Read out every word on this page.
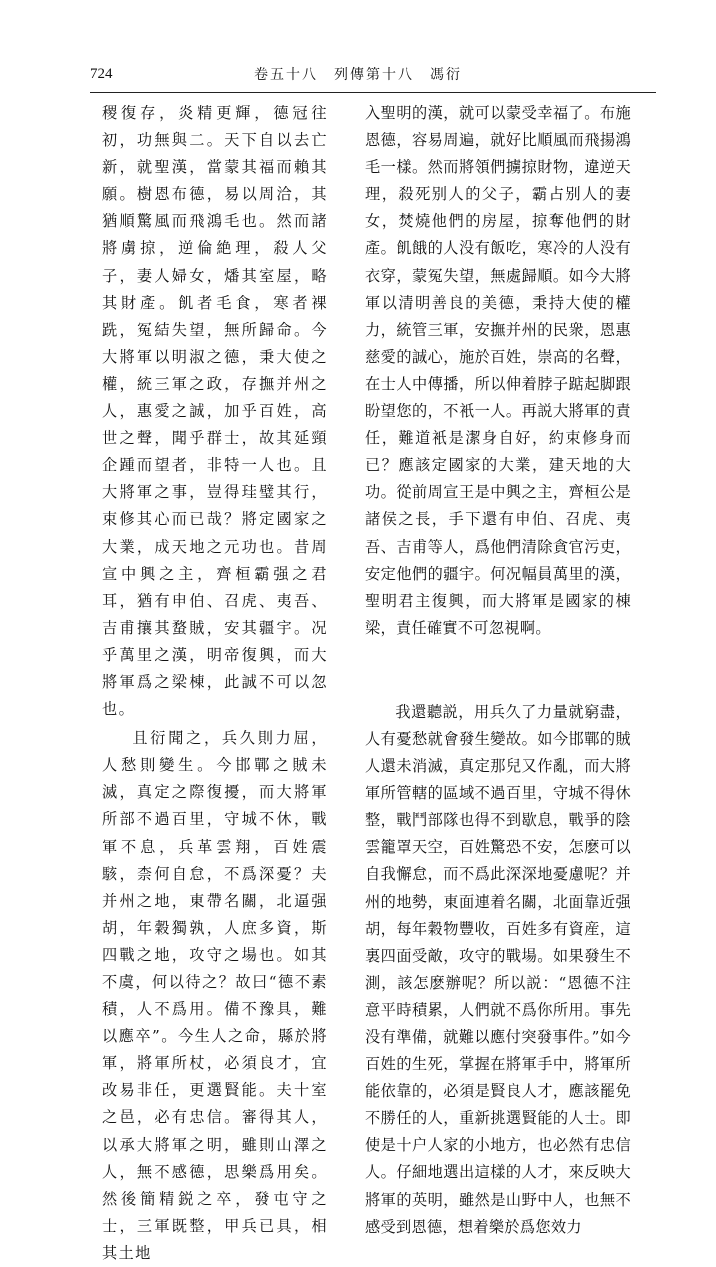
724	卷五十八　列傳第十八　馮衍

稷復存，炎精更輝，德冠往初，功無與二。天下自以去亡新，就聖漢，當蒙其福而賴其願。樹恩布德，易以周洽，其猶順驚風而飛鴻毛也。然而諸將虜掠，逆倫絶理，殺人父子，妻人婦女，燔其室屋，略其財產。飢者毛食，寒者裸跣，冤結失望，無所歸命。今大將軍以明淑之德，秉大使之權，統三軍之政，存撫并州之人，惠愛之誠，加乎百姓，高世之聲，聞乎群士，故其延頸企踵而望者，非特一人也。且大將軍之事，豈得珪璧其行，束修其心而已哉？將定國家之大業，成天地之元功也。昔周宣中興之主，齊桓霸强之君耳，猶有申伯、召虎、夷吾、吉甫攘其蝥賊，安其疆宇。况乎萬里之漢，明帝復興，而大將軍爲之梁棟，此誠不可以忽也。

且衍聞之，兵久則力屈，人愁則變生。今邯鄲之賊未滅，真定之際復擾，而大將軍所部不過百里，守城不休，戰軍不息，兵革雲翔，百姓震駭，柰何自怠，不爲深憂？夫并州之地，東帶名關，北逼强胡，年穀獨孰，人庶多資，斯四戰之地，攻守之場也。如其不虞，何以待之？故曰“德不素積，人不爲用。備不豫具，難以應卒”。今生人之命，縣於將軍，將軍所杖，必須良才，宜改易非任，更選賢能。夫十室之邑，必有忠信。審得其人，以承大將軍之明，雖則山澤之人，無不感德，思樂爲用矣。然後簡精鋭之卒，發屯守之士，三軍既整，甲兵已具，相其土地

入聖明的漢，就可以蒙受幸福了。布施恩德，容易周遍，就好比順風而飛揚鴻毛一樣。然而將領們擄掠財物，違逆天理，殺死别人的父子，霸占别人的妻女，焚燒他們的房屋，掠奪他們的財產。飢餓的人没有飯吃，寒冷的人没有衣穿，蒙冤失望，無處歸順。如今大將軍以清明善良的美德，秉持大使的權力，統管三軍，安撫并州的民衆，恩惠慈愛的誠心，施於百姓，崇高的名聲，在士人中傳播，所以伸着脖子踮起脚跟盼望您的，不衹一人。再説大將軍的責任，難道衹是潔身自好，約束修身而已？應該定國家的大業，建天地的大功。從前周宣王是中興之主，齊桓公是諸侯之長，手下還有申伯、召虎、夷吾、吉甫等人，爲他們清除貪官污吏，安定他們的疆宇。何况幅員萬里的漢，聖明君主復興，而大將軍是國家的棟梁，責任確實不可忽視啊。

我還聽説，用兵久了力量就窮盡，人有憂愁就會發生變故。如今邯鄲的賊人還未消滅，真定那兒又作亂，而大將軍所管轄的區域不過百里，守城不得休整，戰鬥部隊也得不到歇息，戰爭的陰雲籠罩天空，百姓驚恐不安，怎麽可以自我懈怠，而不爲此深深地憂慮呢？并州的地勢，東面連着名關，北面靠近强胡，每年穀物豐收，百姓多有資産，這裏四面受敵，攻守的戰場。如果發生不測，該怎麽辦呢？所以説：“恩德不注意平時積累，人們就不爲你所用。事先没有準備，就難以應付突發事件。”如今百姓的生死，掌握在將軍手中，將軍所能依靠的，必須是賢良人才，應該罷免不勝任的人，重新挑選賢能的人士。即使是十户人家的小地方，也必然有忠信人。仔細地選出這樣的人才，來反映大將軍的英明，雖然是山野中人，也無不感受到恩德，想着樂於爲您效力
